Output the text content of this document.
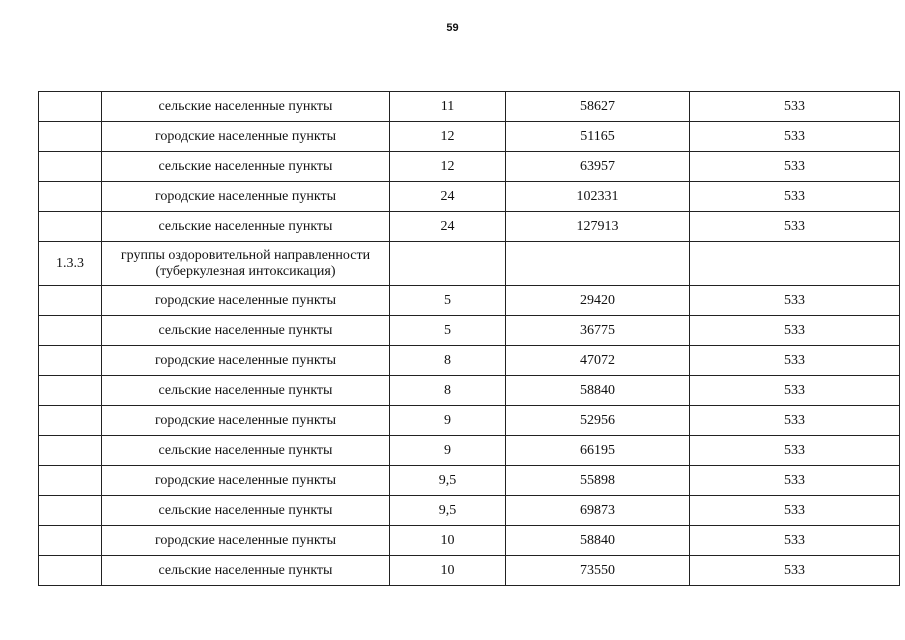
59
	сельские населенные пункты	11	58627	533
	городские населенные пункты	12	51165	533
	сельские населенные пункты	12	63957	533
	городские населенные пункты	24	102331	533
	сельские населенные пункты	24	127913	533
1.3.3	группы оздоровительной направленности (туберкулезная интоксикация)			
	городские населенные пункты	5	29420	533
	сельские населенные пункты	5	36775	533
	городские населенные пункты	8	47072	533
	сельские населенные пункты	8	58840	533
	городские населенные пункты	9	52956	533
	сельские населенные пункты	9	66195	533
	городские населенные пункты	9,5	55898	533
	сельские населенные пункты	9,5	69873	533
	городские населенные пункты	10	58840	533
	сельские населенные пункты	10	73550	533
